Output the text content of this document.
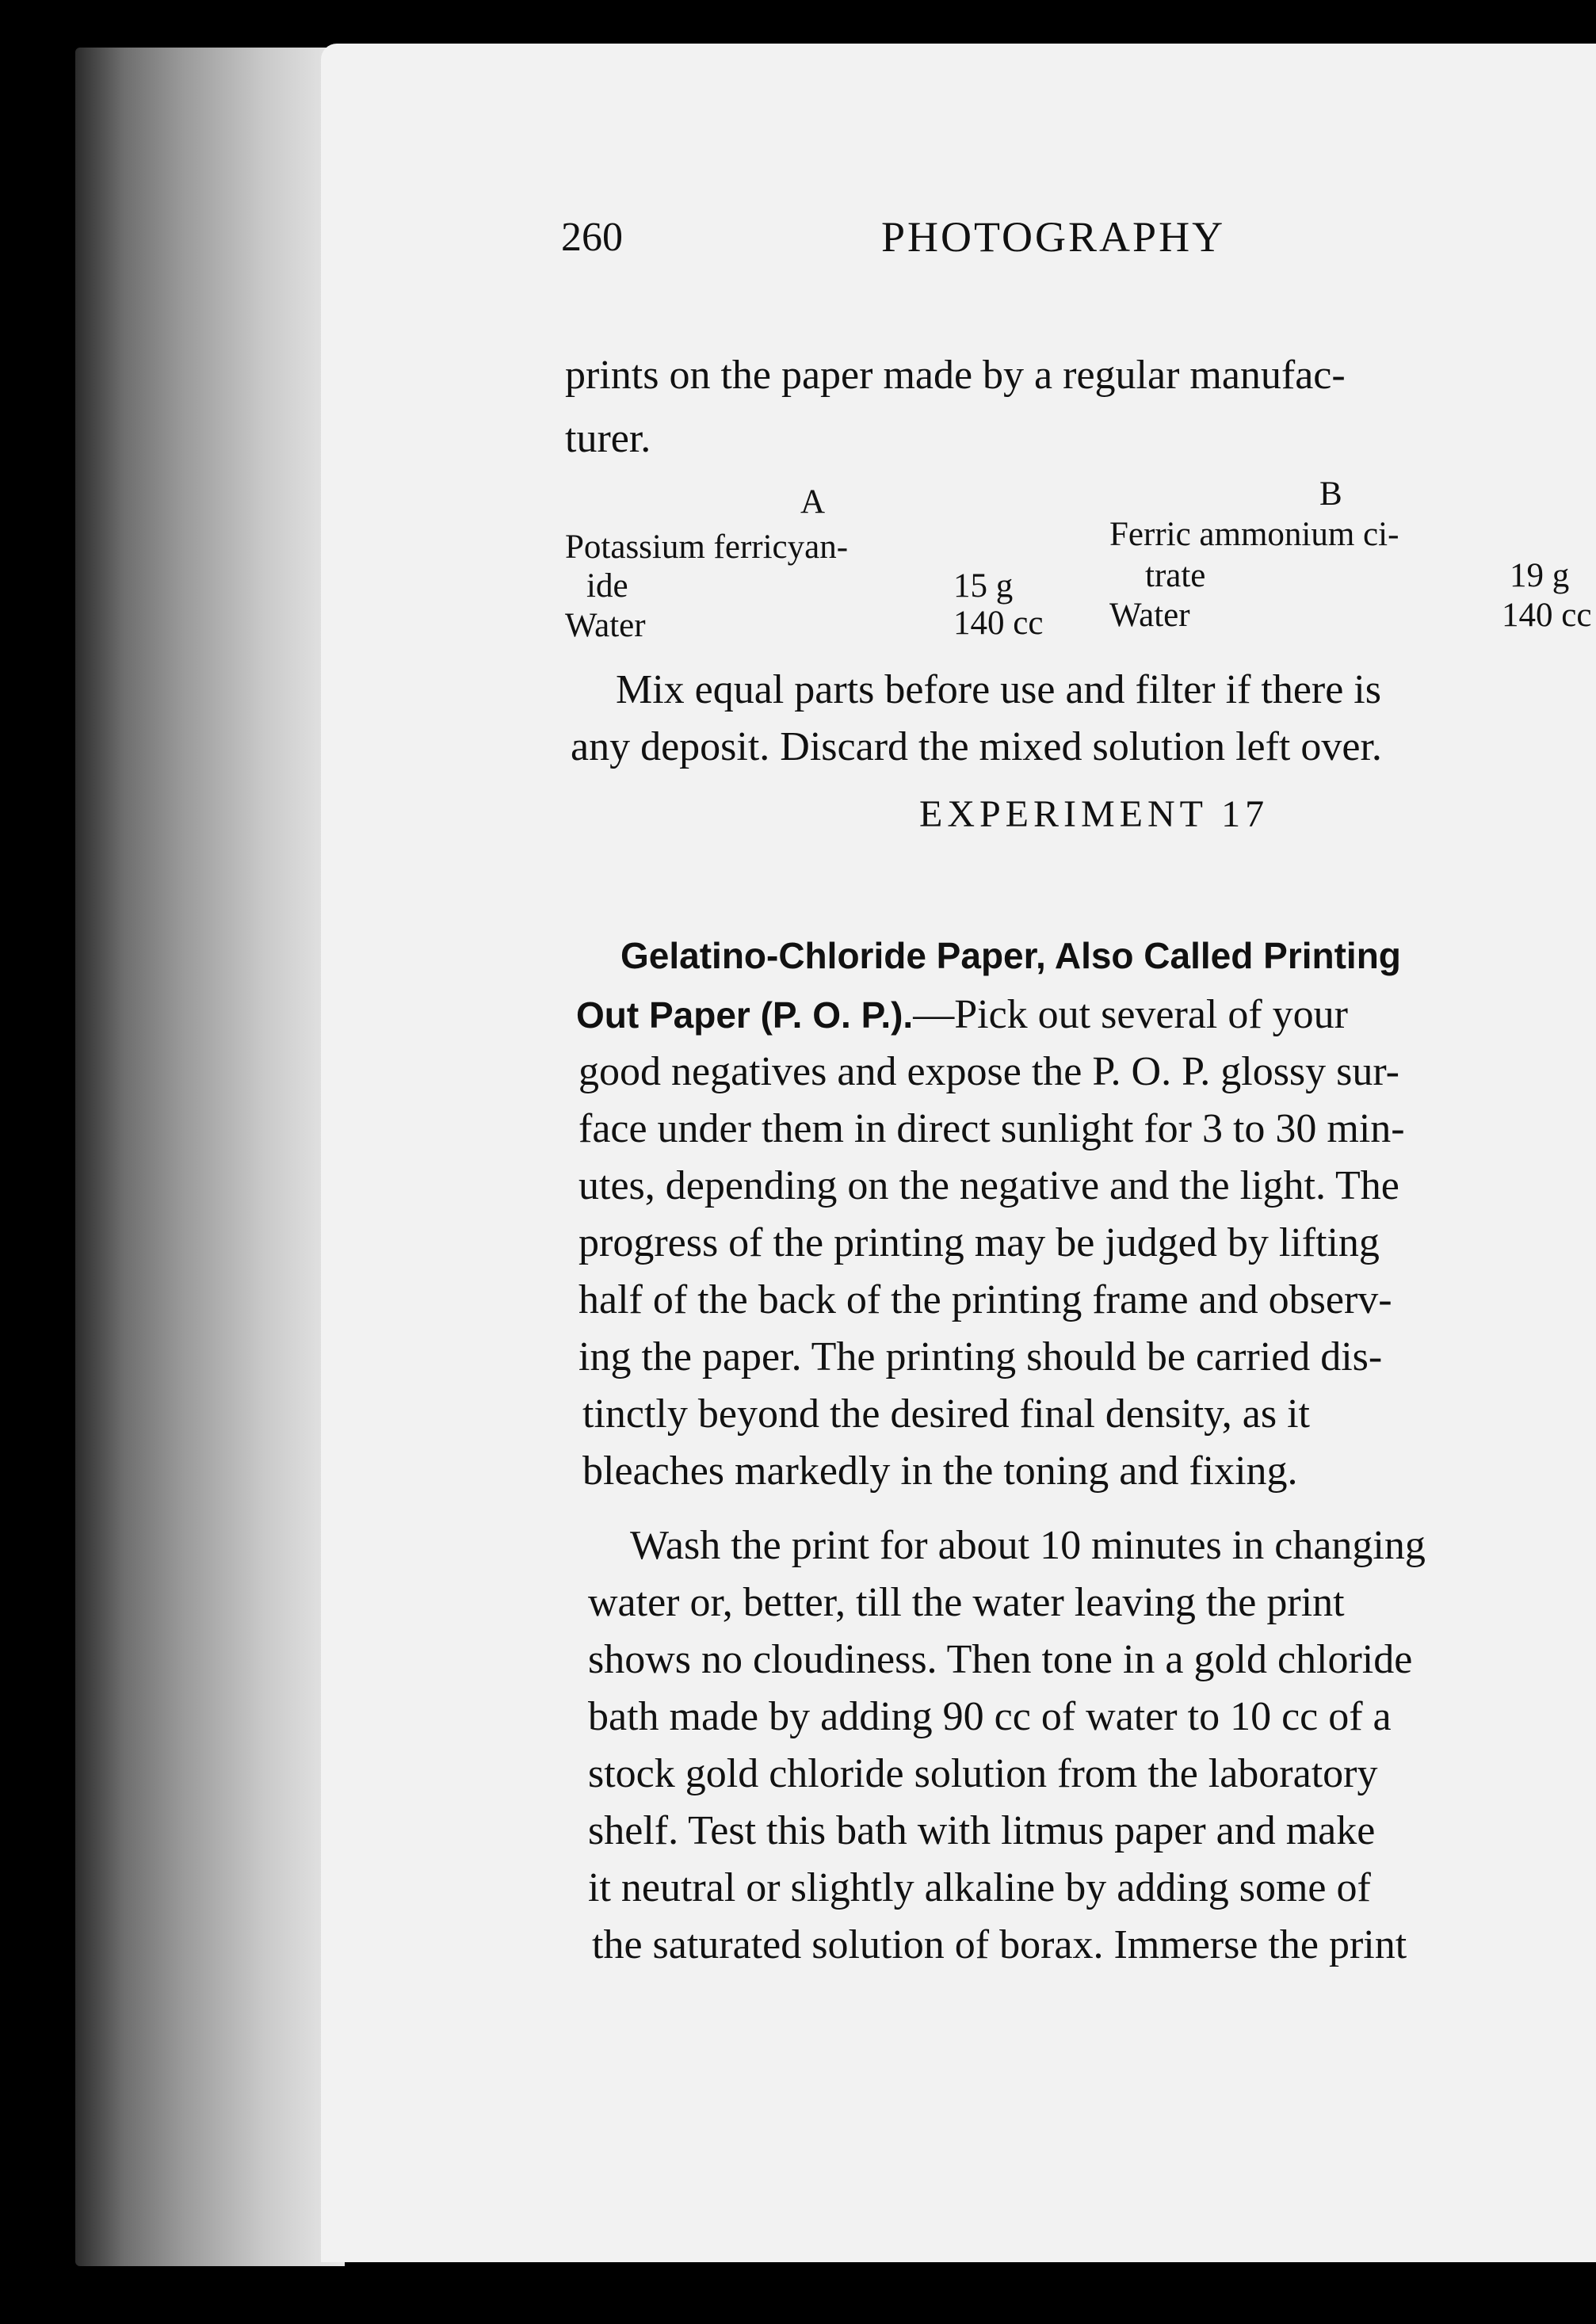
260	PHOTOGRAPHY
prints on the paper made by a regular manufac-
turer.
A
Potassium ferricyan-
ide	15 g
Water	140 cc
B
Ferric ammonium ci-
trate	19 g
Water	140 cc
Mix equal parts before use and filter if there is
any deposit. Discard the mixed solution left over.
EXPERIMENT 17
Gelatino-Chloride Paper, Also Called Printing
Out Paper (P. O. P.).—Pick out several of your
good negatives and expose the P. O. P. glossy sur-
face under them in direct sunlight for 3 to 30 min-
utes, depending on the negative and the light. The
progress of the printing may be judged by lifting
half of the back of the printing frame and observ-
ing the paper. The printing should be carried dis-
tinctly beyond the desired final density, as it
bleaches markedly in the toning and fixing.
Wash the print for about 10 minutes in changing
water or, better, till the water leaving the print
shows no cloudiness. Then tone in a gold chloride
bath made by adding 90 cc of water to 10 cc of a
stock gold chloride solution from the laboratory
shelf. Test this bath with litmus paper and make
it neutral or slightly alkaline by adding some of
the saturated solution of borax. Immerse the print
